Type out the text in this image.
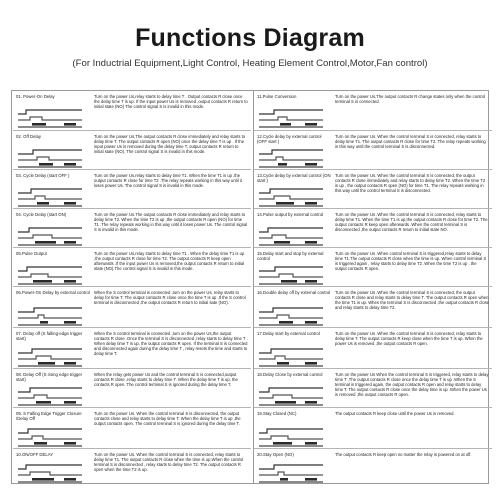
Functions Diagram
(For Inductrial Equipment,Light Control, Heating Element Control,Motor,Fan control)
01. Power-On Delay	Turn on the power Us,relay starts to delay time T . Output contacts R close once the delay time T is up. If the input power Us is removed ,output contacts R return to initial state (NO) The control signal S is invalid in this mode.
02. Off Delay	Turn on the power Us,The output contacts R close immediately and relay starts to delay time T. The output contacts R open (NO) once the delay time T is up . If the input power Us is removed during the delay time T, output contacts R return to initial state (NO). The control signal S is invalid in this mode.
03. Cycle Delay (start OFF )	Turn on the power Us,relay starts to delay time T1. When the time T1 is up ,the output contacts R close for time T2 .The relay repeats working in this way until it loses power Us. The control signal S is invalid in this mode.
04. Cycle Delay (start ON)	Turn on the power Us.The output contacts R close immediately and relay starts to delay time T2. When the time T2 is up ,the output contacts R open (NO) for time T1 .The relay repeats working in this way until it loses power Us. The control signal S is invalid in this mode.
05.Pulse Output	Turn on the power Us,relay starts to delay time T1 . When the delay time T1 is up ,the output contacts R close for time T2. The output contacts R keep open afterwards .If the input power Us is removed,the output contacts R return to initial state (NO).The control signal S is invalid in this mode.
06.Power-On Delay by external control When the S control terminal is connected ,turn on the power Us, relay starts to delay for time T. The output contacts R close once the time T is up .If the S control terminal is disconnected ,the output contacts R return to initial sate (NO).
07. Delay off (S falling-edge trigger start)
When the S control terminal is connected ,turn on the power Us,the output contacts R close .Once the terminal S is disconnected ,relay starts to delay time T . When delay time T is up, the output contacts R open. If the terminal S is connected and disconnected again during the delay time T , relay resets the time and starts to delay time T.
08. Delay Off (S rising edge trigger start)
When the relay gets power Us and the control terminal S is connected,output contacts R close ,relay starts to delay time T. When the delay time T is up, the contacts R open. The control terminal S is ignored during the delay time T.
09. S Falling Edge Trigger Closure /Delay Off
Turn on the power Us. When the control terminal S is disconnected, the output contacts close and relay starts to delay time T. When the delay time T is up ,the output contacts open. The control terminal S is ignored during the delay time T.
10.ON/OFF DELAY	Turn on the power Us. When the control terminal S is connected, relay starts to delay time T1. The output contacts R close when the time is up.When the control terminal S is disconnected , relay starts to delay time T2. The output contacts R open when the time T2 is up.
11.Pulse Conversion	Turn on the power Us,The output contacts R change states only when the control terminal S is connected.
12.Cycle delay by external control (OFF start )
Turn on the power Us. When the control terminal S is connected, relay starts to delay time T1. The output contacts R close for time T2. The relay repeats working in this way until the control terminal S is disconnected.
13.Cycle delay by external control (ON start )
Turn on the power Us. When the control terminal S is connected, the output contacts R close immediately and relay starts to delay time T2. When the time T2 is up , the output contacts R open (NO) for time T1. The relay repeats working in this way until the control terminal S is disconnected.
14.Pulse output by external control	Turn on the power Us .When the control terminal S is connected, relay starts to delay time T1. When the time T1 is up,the output contacts R close for time T2. The output contacts R keep open afterwards .When the control terminal S is disconnected ,the output contacts R return to initial state NO.
15.Delay start and stop by external control
Turn on the power Us .When control terminal S is triggered,relay starts to delay time T1.The output contacts R close when the time is up. When control terminal S is triggered again , relay starts to delay time T2 .When the time T2 is up , the output contacts R open.
16.Double delay off by external control Turn on the power Us .When the control terminal S is connected, the output contacts R close and relay starts to delay time T. The output contacts R open when the time T1 is up. When the terminal S is disconnected ,the output contacts R close and relay starts to delay time T2.
17.Delay start by external control	Turn on the power Us .When the control terminal S is connected, relay starts to delay time T. The output contacts R keep close when the time T is up. When the power Us is removed ,the output contacts R open.
18.Delay Close by external control	Turn on the power Us When the control terminal S is triggered, relay starts to delay time T .The output contacts R close once the delay time T is up .When the S terminal is triggered again, the output contacts R open and relay starts to delay time T. The output contacts R close once the delay time is up .When the power Us is removed ,the output contacts R open.
19.Stay Closed (NC)	The output contacts R keep close until the power Us is removed.
20.Stay Open (NO)	The output contacts R keep open no matter the relay is powered on at off.
